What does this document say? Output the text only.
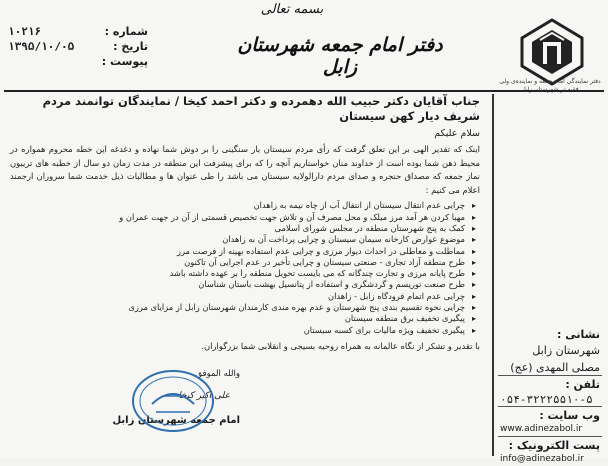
بسمه تعالی
شماره :
۱۰۲۱۶
تاریخ :
۱۳۹۵/۱۰/۰۵
پیوست :
دفتر امام جمعه شهرستان زابل
دفتر نمایندگی امام جمعه و نماینده‌ی ولی

جناب آقایان دکتر حبیب الله دهمرده و دکتر احمد کیخا / نمایندگان توانمند مردم شریف دیار کهن سیستان

سلام علیکم

اینک که تقدیر الهی بر این تعلق گرفت که رأی مردم سیستان بار سنگینی را بر دوش شما نهاده و دغدغه این خطه محروم همواره در محیط ذهن شما بوده است از خداوند منان خواستاریم آنچه را که برای پیشرفت این منطقه در مدت زمان دو سال از خطبه های تریبون نماز جمعه که مصداق حنجره و صدای مردم دارالولایه سیستان می باشد را طی عنوان ها و مطالبات ذیل خدمت شما سروران ارجمند اعلام می کنیم :

▸ چرایی عدم انتقال سیستان از انتقال آب از چاه نیمه به زاهدان
▸ مهیا کردن هر آمد مرز میلک و محل مصرف آن و تلاش جهت تخصیص قسمتی از آن در جهت عمران و
▸ کمک به پنج شهرستان منطقه در مجلس شورای اسلامی
▸ موضوع عوارض کارخانه سیمان سیستان و چرایی پرداخت آن به زاهدان
▸ مماطلت و معاطلی در احداث دیوار مرزی و چرایی عدم استفاده بهینه از فرصت مرز
▸ طرح منطقه آزاد تجاری - صنعتی سیستان و چرایی تأخیر در عدم اجرایی آن تاکنون
▸ طرح پایانه مرزی و تجارت چندگانه که می بایست تحویل منطقه را بر عهده داشته باشد
▸ طرح صنعت توریسم و گردشگری و استفاده از پتانسیل بهشت باستان شناسان
▸ چرایی عدم اتمام فرودگاه زابل - زاهدان
▸ چرایی نحوه تقسیم بندی پنج شهرستان و عدم بهره مندی کارمندان شهرستان زابل از مزایای مرزی
▸ پیگیری تخفیف برق منطقه سیستان
▸ پیگیری تخفیف ویژه مالیات برای کسبه سیستان

با تقدیر و تشکر از نگاه عالمانه به همراه روحیه بسیجی و انقلابی شما بزرگواران.

والله الموفق
علی اکبر کیخا
امام جمعه شهرستان زابل
نشانی :
شهرستان زابل
مصلی المهدی (عج)
تلفن :
۰۵۴-۳۲۲۲۵۵۱۰-۵
وب سایت :
www.adinezabol.ir
پست الکترونیک :
info@adinezabol.ir
